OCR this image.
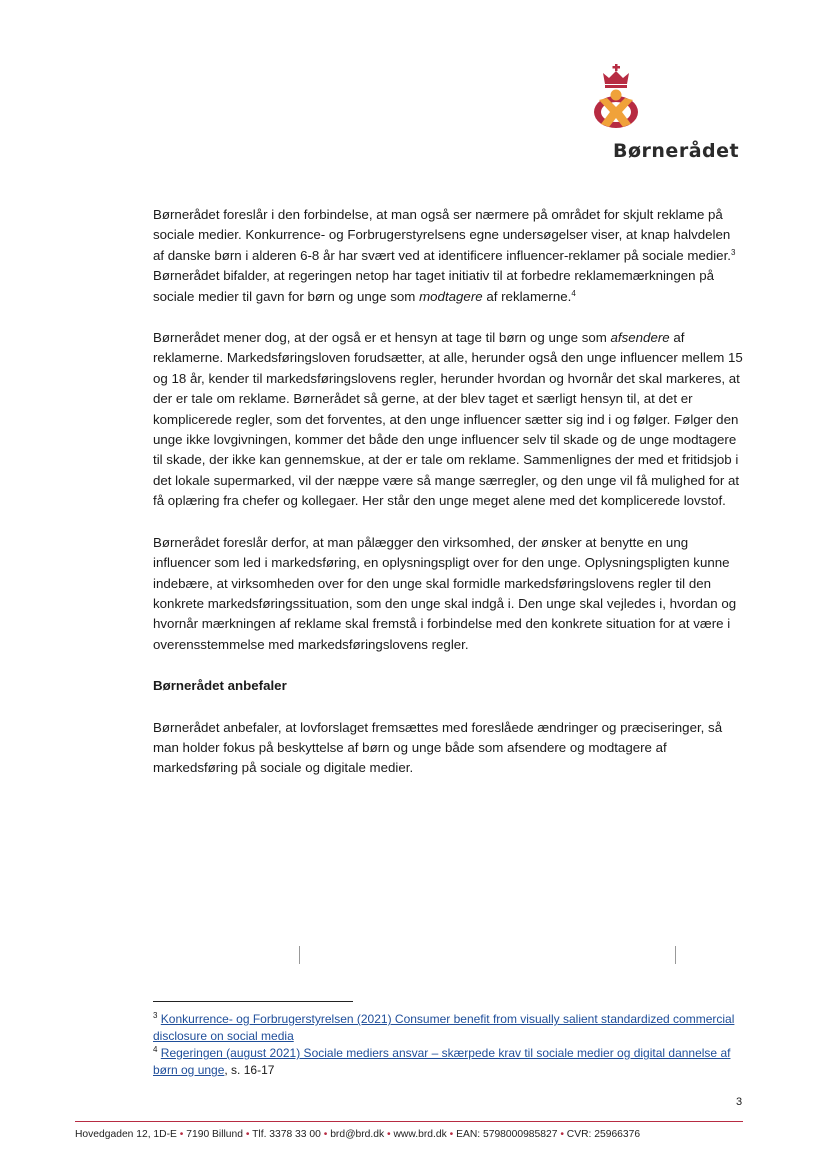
Børnerådet

Børnerådet foreslår i den forbindelse, at man også ser nærmere på området for skjult reklame på sociale medier. Konkurrence- og Forbrugerstyrelsens egne undersøgelser viser, at knap halvdelen af danske børn i alderen 6-8 år har svært ved at identificere influencer-reklamer på sociale medier.$^3$ Børnerådet bifalder, at regeringen netop har taget initiativ til at forbedre reklamemærkningen på sociale medier til gavn for børn og unge som modtagere af reklamerne.$^4$

Børnerådet mener dog, at der også er et hensyn at tage til børn og unge som afsendere af reklamerne. Markedsføringsloven forudsætter, at alle, herunder også den unge influencer mellem 15 og 18 år, kender til markedsføringslovens regler, herunder hvordan og hvornår det skal markeres, at der er tale om reklame. Børnerådet så gerne, at der blev taget et særligt hensyn til, at det er komplicerede regler, som det forventes, at den unge influencer sætter sig ind i og følger. Følger den unge ikke lovgivningen, kommer det både den unge influencer selv til skade og de unge modtagere til skade, der ikke kan gennemskue, at der er tale om reklame. Sammenlignes der med et fritidsjob i det lokale supermarked, vil der næppe være så mange særregler, og den unge vil få mulighed for at få oplæring fra chefer og kollegaer. Her står den unge meget alene med det komplicerede lovstof.

Børnerådet foreslår derfor, at man pålægger den virksomhed, der ønsker at benytte en ung influencer som led i markedsføring, en oplysningspligt over for den unge. Oplysningspligten kunne indebære, at virksomheden over for den unge skal formidle markedsføringslovens regler til den konkrete markedsføringssituation, som den unge skal indgå i. Den unge skal vejledes i, hvordan og hvornår mærkningen af reklame skal fremstå i forbindelse med den konkrete situation for at være i overensstemmelse med markedsføringslovens regler.

Børnerådet anbefaler

Børnerådet anbefaler, at lovforslaget fremsættes med foreslåede ændringer og præciseringer, så man holder fokus på beskyttelse af børn og unge både som afsendere og modtagere af markedsføring på sociale og digitale medier.

$^3$ Konkurrence- og Forbrugerstyrelsen (2021) Consumer benefit from visually salient standardized commercial disclosure on social media

$^4$ Regeringen (august 2021) Sociale mediers ansvar – skærpede krav til sociale medier og digital dannelse af børn og unge, s. 16-17

3
Hovedgaden 12, 1D-E • 7190 Billund • Tlf. 3378 33 00 • brd@brd.dk • www.brd.dk • EAN: 5798000985827 • CVR: 25966376
